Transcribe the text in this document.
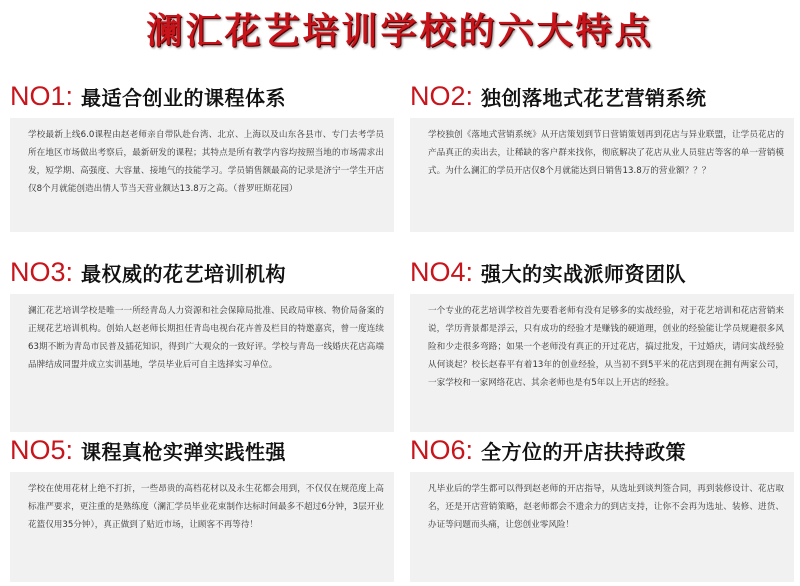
澜汇花艺培训学校的六大特点
NO1: 最适合创业的课程体系
学校最新上线6.0课程由赵老师亲自带队赴台湾、北京、上海以及山东各县市、专门去考学员所在地区市场做出考察后，最新研发的课程；其特点是所有教学内容均按照当地的市场需求出发，短学期、高强度、大容量、接地气的技能学习。学员销售额最高的记录是济宁一学生开店仅8个月就能创造出情人节当天营业额达13.8万之高。（普罗旺斯花园）
NO2: 独创落地式花艺营销系统
学校独创《落地式营销系统》从开店策划到节日营销策划再到花店与异业联盟，让学员花店的产品真正的卖出去，让稀缺的客户群来找你，彻底解决了花店从业人员驻店等客的单一营销模式。为什么澜汇的学员开店仅8个月就能达到日销售13.8万的营业额？？？
NO3: 最权威的花艺培训机构
澜汇花艺培训学校是唯一一所经青岛人力资源和社会保障局批准、民政局审核、物价局备案的正规花艺培训机构。创始人赵老师长期担任青岛电视台花卉普及栏目的特邀嘉宾，曾一度连续63期不断为青岛市民普及插花知识，得到广大观众的一致好评。学校与青岛一线婚庆花店高端品牌结成同盟并成立实训基地，学员毕业后可自主选择实习单位。
NO4: 强大的实战派师资团队
一个专业的花艺培训学校首先要看老师有没有足够多的实战经验，对于花艺培训和花店营销来说，学历背景都是浮云，只有成功的经验才是赚钱的硬道理，创业的经验能让学员规避很多风险和少走很多弯路；如果一个老师没有真正的开过花店，搞过批发，干过婚庆，请问实战经验从何谈起？校长赵春平有着13年的创业经验，从当初不到5平米的花店到现在拥有两家公司，一家学校和一家网络花店、其余老师也是有5年以上开店的经验。
NO5: 课程真枪实弹实践性强
学校在使用花材上绝不打折，一些昂贵的高档花材以及永生花都会用到，不仅仅在规范度上高标准严要求，更注重的是熟练度（澜汇学员毕业花束制作达标时间最多不超过6分钟，3层开业花篮仅用35分钟），真正做到了贴近市场，让顾客不再等待！
NO6: 全方位的开店扶持政策
凡毕业后的学生都可以得到赵老师的开店指导，从选址到谈判签合同，再到装修设计、花店取名，还是开店营销策略，赵老师都会不遗余力的到店支持，让你不会再为选址、装修、进货、办证等问题而头痛，让您创业零风险！
